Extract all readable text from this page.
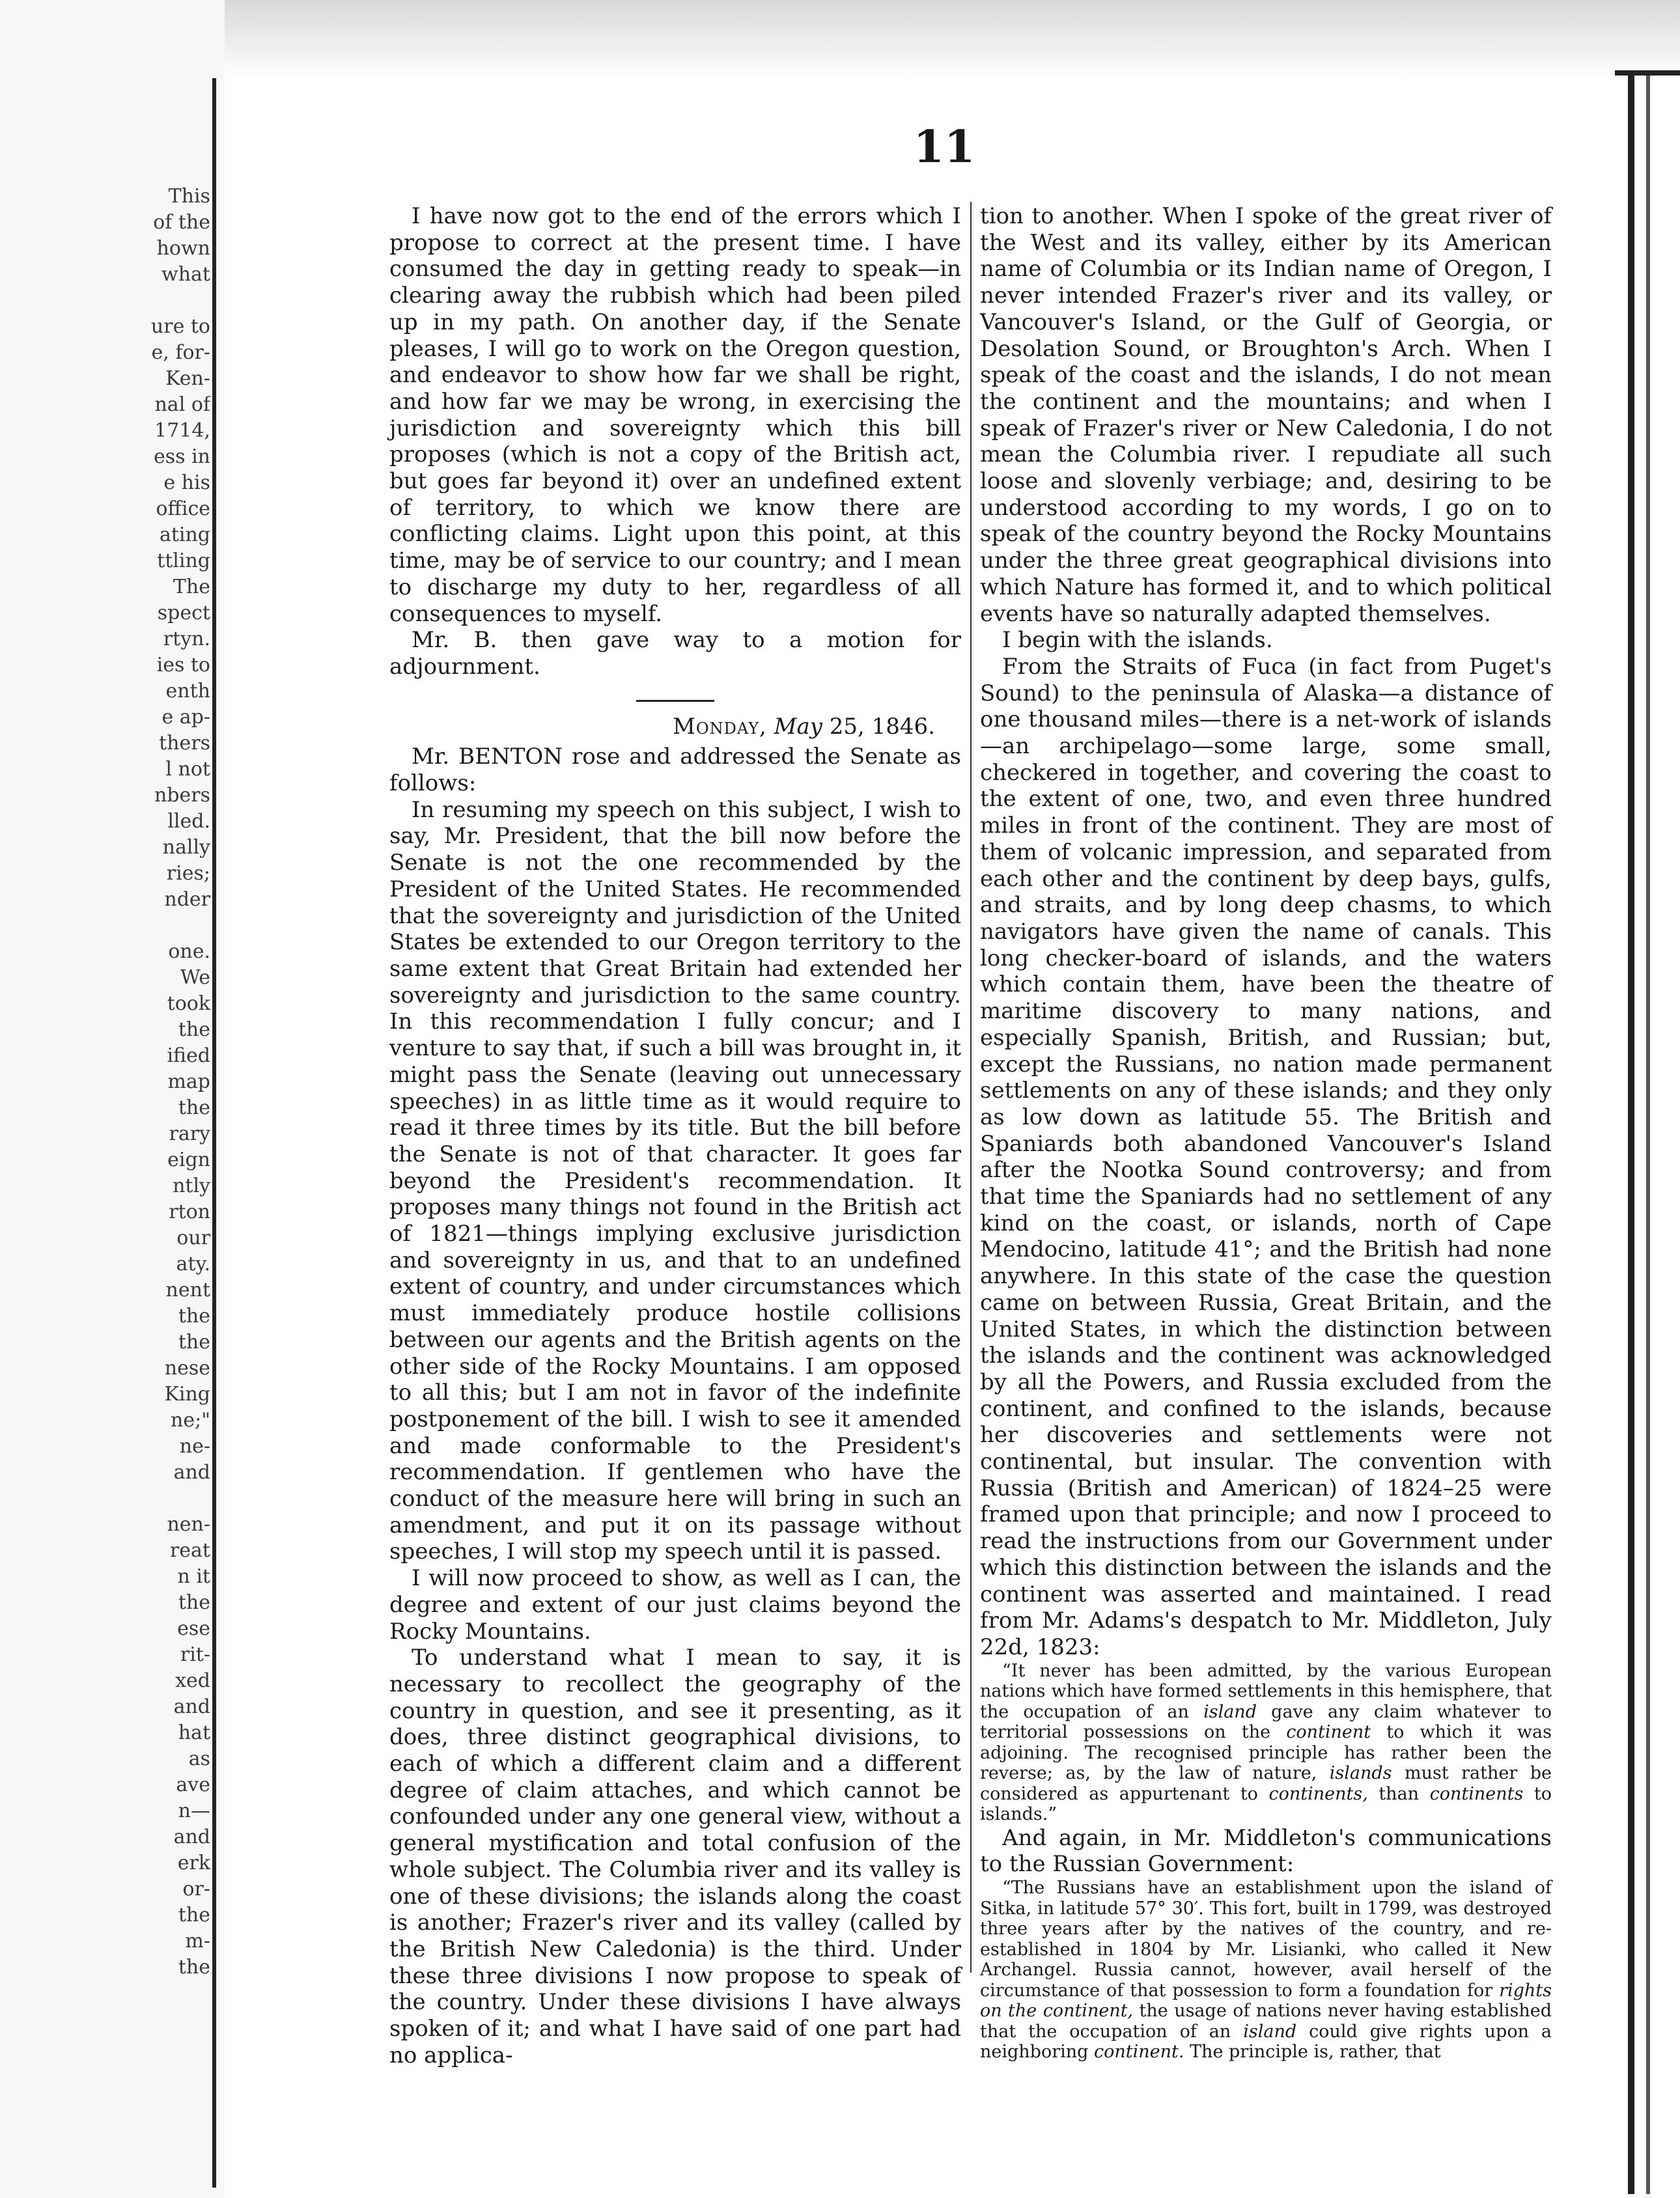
This
of the
hown
what
ure to
e, for-
Ken-
nal of
1714,
ess in
e his
office
ating
ttling
The
spect
rtyn.
ies to
enth
e ap-
thers
l not
nbers
lled.
nally
ries;
nder
one.
We
took
the
ified
map
the
rary
eign
ntly
rton
our
aty.
nent
the
the
nese
King
ne;"
ne-
and
nen-
reat
n it
the
ese
rit-
xed
and
hat
as
ave
n—
and
erk
or-
the
m-
the
11

I have now got to the end of the errors which I propose to correct at the present time. I have consumed the day in getting ready to speak—in clearing away the rubbish which had been piled up in my path. On another day, if the Senate pleases, I will go to work on the Oregon question, and endeavor to show how far we shall be right, and how far we may be wrong, in exercising the jurisdiction and sovereignty which this bill proposes (which is not a copy of the British act, but goes far beyond it) over an undefined extent of territory, to which we know there are conflicting claims. Light upon this point, at this time, may be of service to our country; and I mean to discharge my duty to her, regardless of all consequences to myself.

Mr. B. then gave way to a motion for adjournment.

Monday, May 25, 1846.

Mr. BENTON rose and addressed the Senate as follows:

In resuming my speech on this subject, I wish to say, Mr. President, that the bill now before the Senate is not the one recommended by the President of the United States. He recommended that the sovereignty and jurisdiction of the United States be extended to our Oregon territory to the same extent that Great Britain had extended her sovereignty and jurisdiction to the same country. In this recommendation I fully concur; and I venture to say that, if such a bill was brought in, it might pass the Senate (leaving out unnecessary speeches) in as little time as it would require to read it three times by its title. But the bill before the Senate is not of that character. It goes far beyond the President's recommendation. It proposes many things not found in the British act of 1821—things implying exclusive jurisdiction and sovereignty in us, and that to an undefined extent of country, and under circumstances which must immediately produce hostile collisions between our agents and the British agents on the other side of the Rocky Mountains. I am opposed to all this; but I am not in favor of the indefinite postponement of the bill. I wish to see it amended and made conformable to the President's recommendation. If gentlemen who have the conduct of the measure here will bring in such an amendment, and put it on its passage without speeches, I will stop my speech until it is passed.

I will now proceed to show, as well as I can, the degree and extent of our just claims beyond the Rocky Mountains.

To understand what I mean to say, it is necessary to recollect the geography of the country in question, and see it presenting, as it does, three distinct geographical divisions, to each of which a different claim and a different degree of claim attaches, and which cannot be confounded under any one general view, without a general mystification and total confusion of the whole subject. The Columbia river and its valley is one of these divisions; the islands along the coast is another; Frazer's river and its valley (called by the British New Caledonia) is the third. Under these three divisions I now propose to speak of the country. Under these divisions I have always spoken of it; and what I have said of one part had no applica-

tion to another. When I spoke of the great river of the West and its valley, either by its American name of Columbia or its Indian name of Oregon, I never intended Frazer's river and its valley, or Vancouver's Island, or the Gulf of Georgia, or Desolation Sound, or Broughton's Arch. When I speak of the coast and the islands, I do not mean the continent and the mountains; and when I speak of Frazer's river or New Caledonia, I do not mean the Columbia river. I repudiate all such loose and slovenly verbiage; and, desiring to be understood according to my words, I go on to speak of the country beyond the Rocky Mountains under the three great geographical divisions into which Nature has formed it, and to which political events have so naturally adapted themselves.

I begin with the islands.

From the Straits of Fuca (in fact from Puget's Sound) to the peninsula of Alaska—a distance of one thousand miles—there is a net-work of islands—an archipelago—some large, some small, checkered in together, and covering the coast to the extent of one, two, and even three hundred miles in front of the continent. They are most of them of volcanic impression, and separated from each other and the continent by deep bays, gulfs, and straits, and by long deep chasms, to which navigators have given the name of canals. This long checker-board of islands, and the waters which contain them, have been the theatre of maritime discovery to many nations, and especially Spanish, British, and Russian; but, except the Russians, no nation made permanent settlements on any of these islands; and they only as low down as latitude 55. The British and Spaniards both abandoned Vancouver's Island after the Nootka Sound controversy; and from that time the Spaniards had no settlement of any kind on the coast, or islands, north of Cape Mendocino, latitude 41°; and the British had none anywhere. In this state of the case the question came on between Russia, Great Britain, and the United States, in which the distinction between the islands and the continent was acknowledged by all the Powers, and Russia excluded from the continent, and confined to the islands, because her discoveries and settlements were not continental, but insular. The convention with Russia (British and American) of 1824–25 were framed upon that principle; and now I proceed to read the instructions from our Government under which this distinction between the islands and the continent was asserted and maintained. I read from Mr. Adams's despatch to Mr. Middleton, July 22d, 1823:

“It never has been admitted, by the various European nations which have formed settlements in this hemisphere, that the occupation of an island gave any claim whatever to territorial possessions on the continent to which it was adjoining. The recognised principle has rather been the reverse; as, by the law of nature, islands must rather be considered as appurtenant to continents, than continents to islands.”

And again, in Mr. Middleton's communications to the Russian Government:

“The Russians have an establishment upon the island of Sitka, in latitude 57° 30′. This fort, built in 1799, was destroyed three years after by the natives of the country, and re-established in 1804 by Mr. Lisianki, who called it New Archangel. Russia cannot, however, avail herself of the circumstance of that possession to form a foundation for rights on the continent, the usage of nations never having established that the occupation of an island could give rights upon a neighboring continent. The principle is, rather, that
